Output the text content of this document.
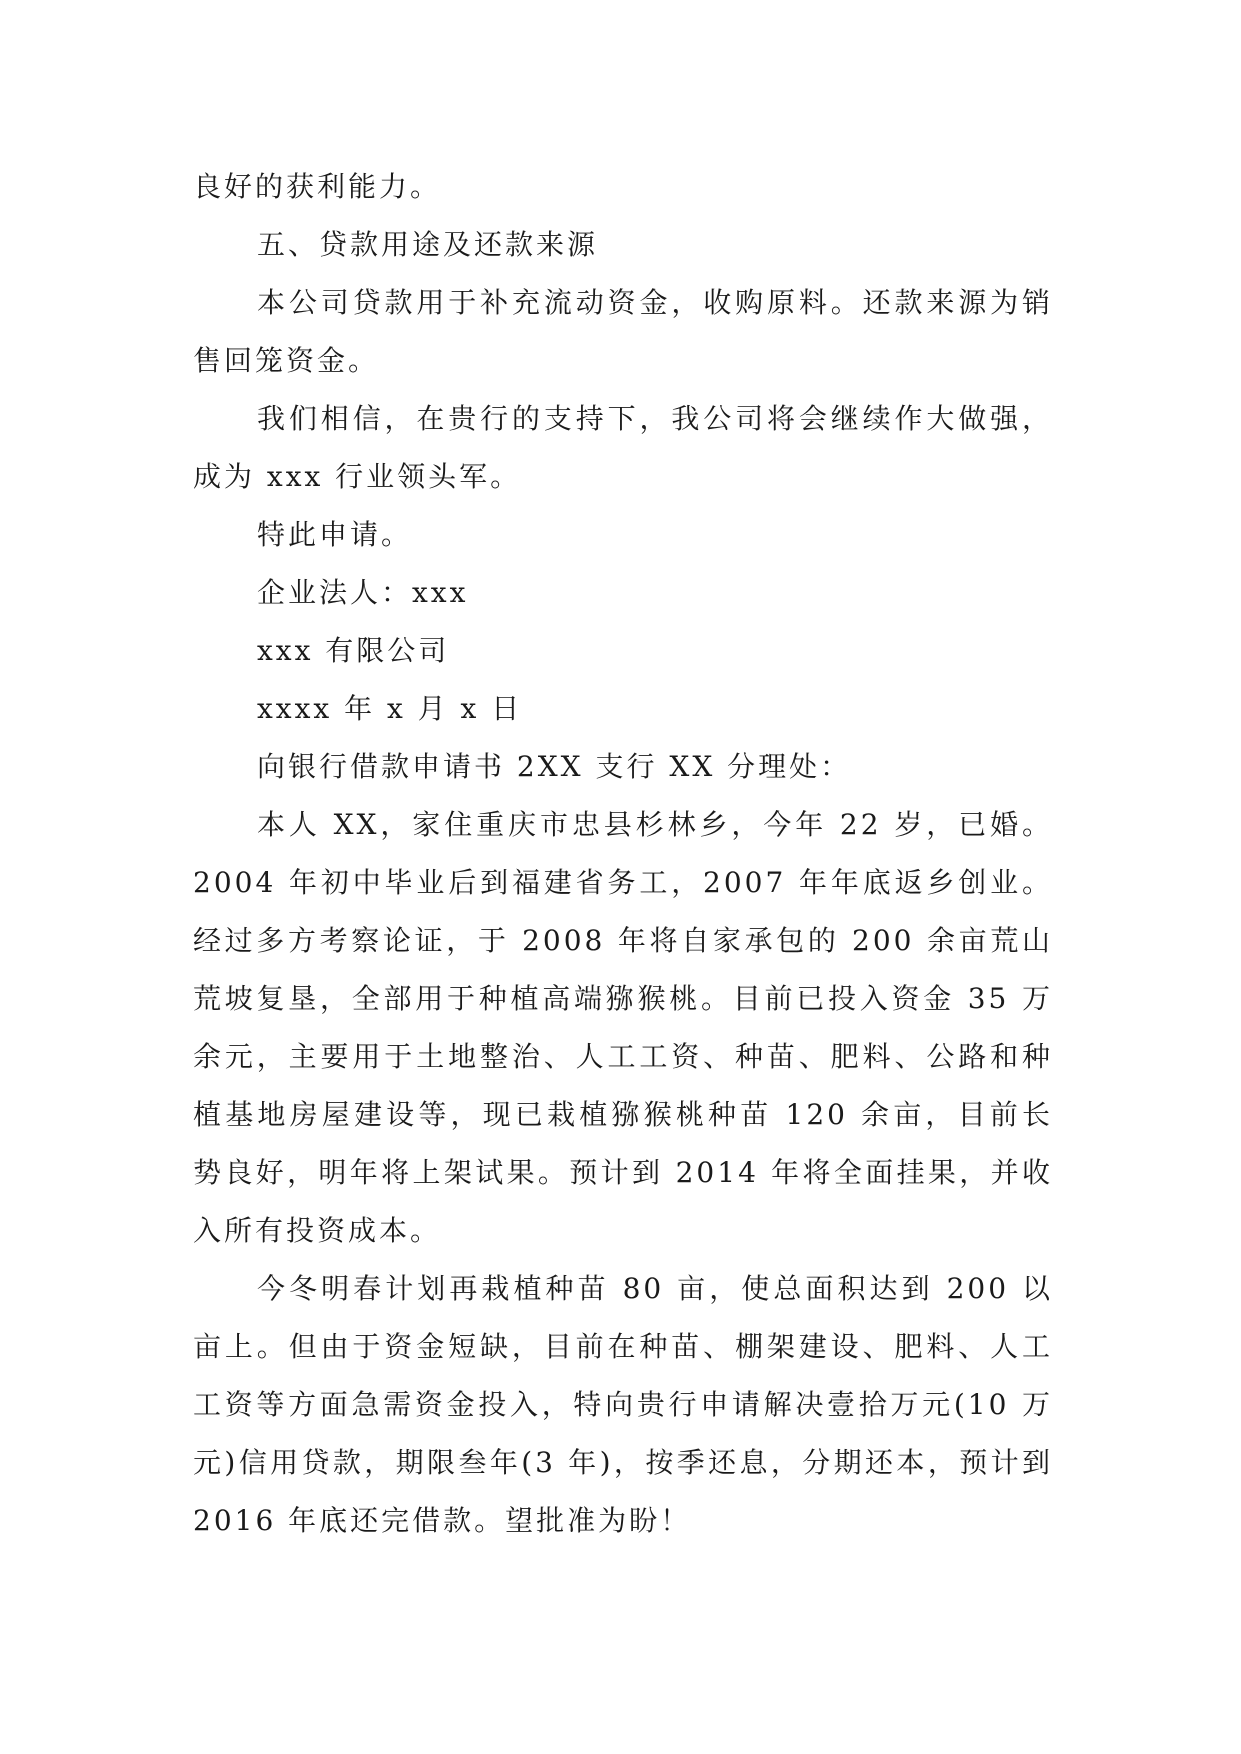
良好的获利能力。

五、贷款用途及还款来源

本公司贷款用于补充流动资金，收购原料。还款来源为销售回笼资金。

我们相信，在贵行的支持下，我公司将会继续作大做强，成为 xxx 行业领头军。

特此申请。

企业法人：xxx

xxx 有限公司

xxxx 年 x 月 x 日

向银行借款申请书 2XX 支行 XX 分理处：

本人 XX，家住重庆市忠县杉林乡，今年 22 岁，已婚。2004 年初中毕业后到福建省务工，2007 年年底返乡创业。经过多方考察论证，于 2008 年将自家承包的 200 余亩荒山荒坡复垦，全部用于种植高端猕猴桃。目前已投入资金 35 万余元，主要用于土地整治、人工工资、种苗、肥料、公路和种植基地房屋建设等，现已栽植猕猴桃种苗 120 余亩，目前长势良好，明年将上架试果。预计到 2014 年将全面挂果，并收入所有投资成本。

今冬明春计划再栽植种苗 80 亩，使总面积达到 200 以亩上。但由于资金短缺，目前在种苗、棚架建设、肥料、人工工资等方面急需资金投入，特向贵行申请解决壹拾万元(10 万元)信用贷款，期限叁年(3 年)，按季还息，分期还本，预计到 2016 年底还完借款。望批准为盼！
